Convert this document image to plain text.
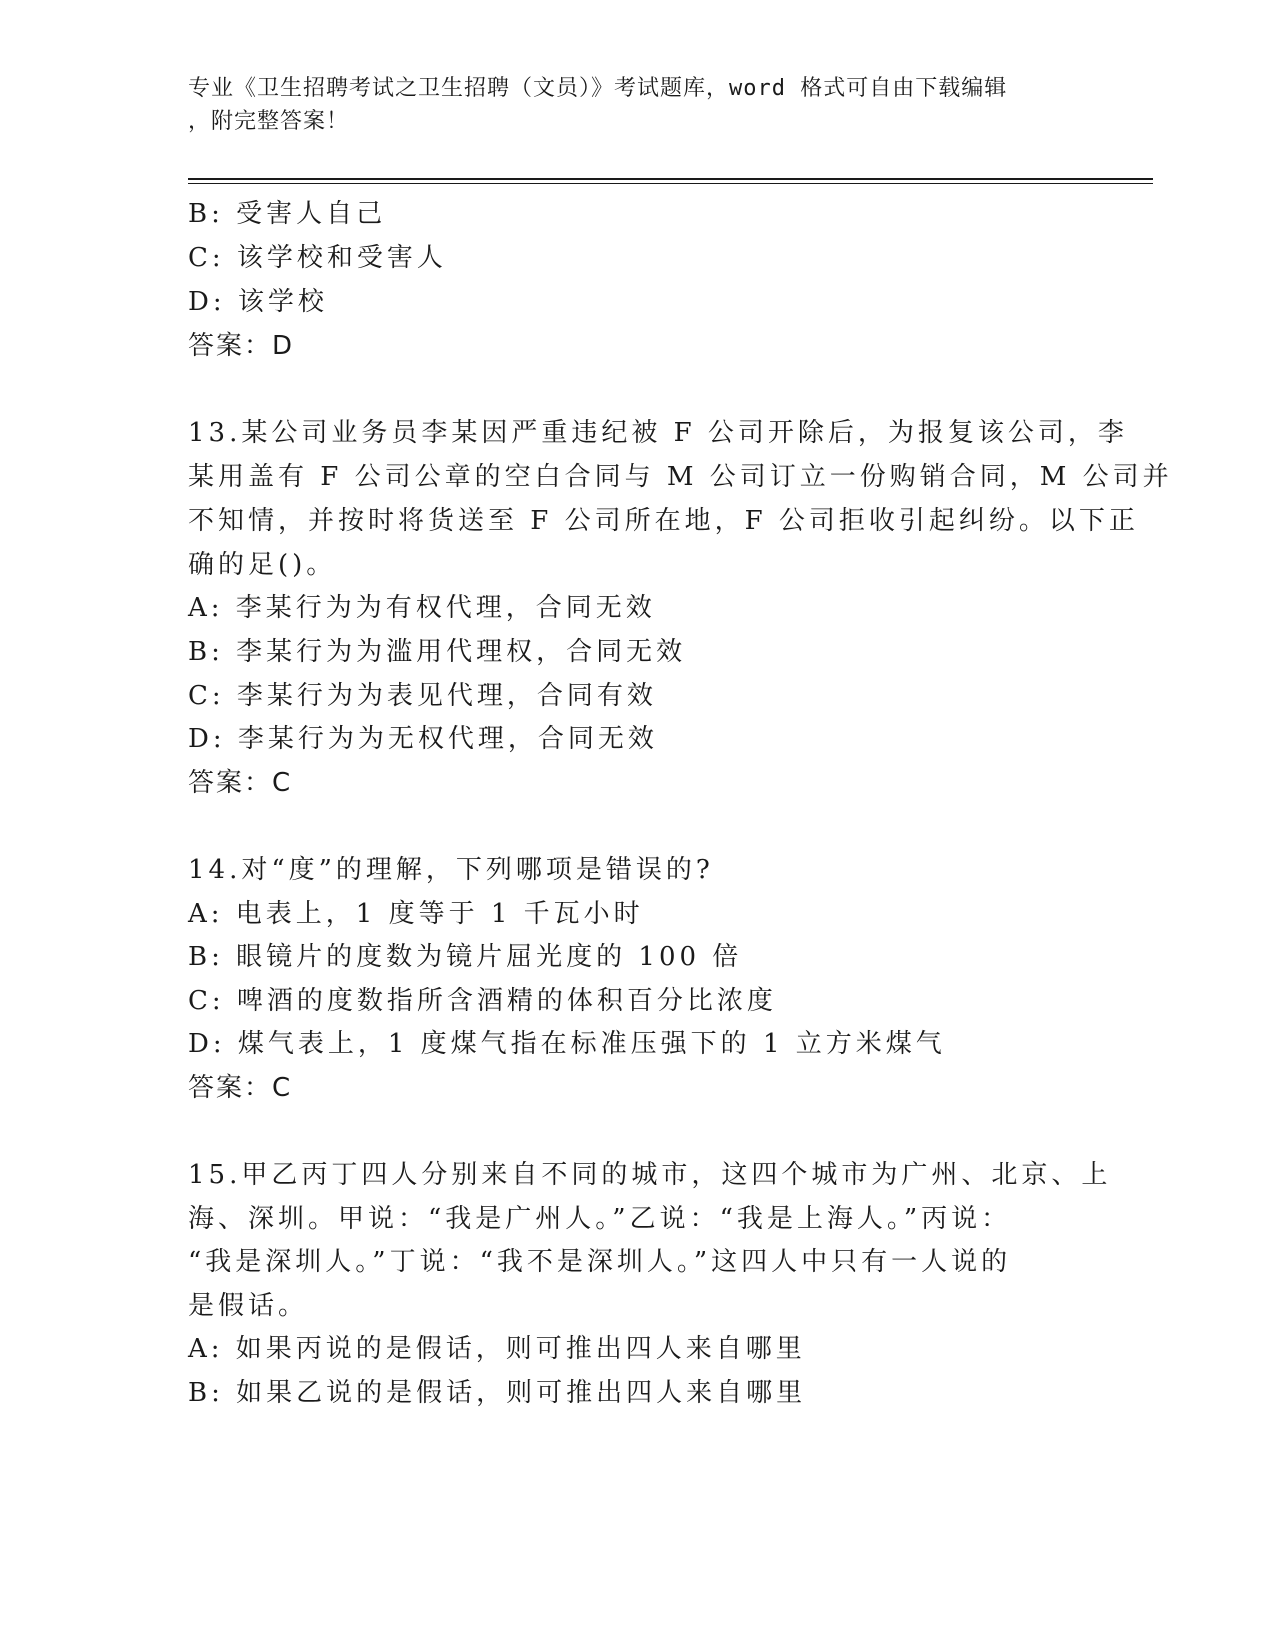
专业《卫生招聘考试之卫生招聘（文员）》考试题库，word 格式可自由下载编辑
，附完整答案！
B: 受害人自己
C: 该学校和受害人
D: 该学校
答案：D
13.某公司业务员李某因严重违纪被 F 公司开除后，为报复该公司，李
某用盖有 F 公司公章的空白合同与 M 公司订立一份购销合同，M 公司并
不知情，并按时将货送至 F 公司所在地，F 公司拒收引起纠纷。以下正
确的足()。
A: 李某行为为有权代理，合同无效
B: 李某行为为滥用代理权，合同无效
C: 李某行为为表见代理，合同有效
D: 李某行为为无权代理，合同无效
答案：C
14.对“度”的理解，下列哪项是错误的?
A: 电表上，1 度等于 1 千瓦小时
B: 眼镜片的度数为镜片屈光度的 100 倍
C: 啤酒的度数指所含酒精的体积百分比浓度
D: 煤气表上，1 度煤气指在标准压强下的 1 立方米煤气
答案：C
15.甲乙丙丁四人分别来自不同的城市，这四个城市为广州、北京、上
海、深圳。甲说：“我是广州人。”乙说：“我是上海人。”丙说：
“我是深圳人。”丁说：“我不是深圳人。”这四人中只有一人说的
是假话。
A: 如果丙说的是假话，则可推出四人来自哪里
B: 如果乙说的是假话，则可推出四人来自哪里
